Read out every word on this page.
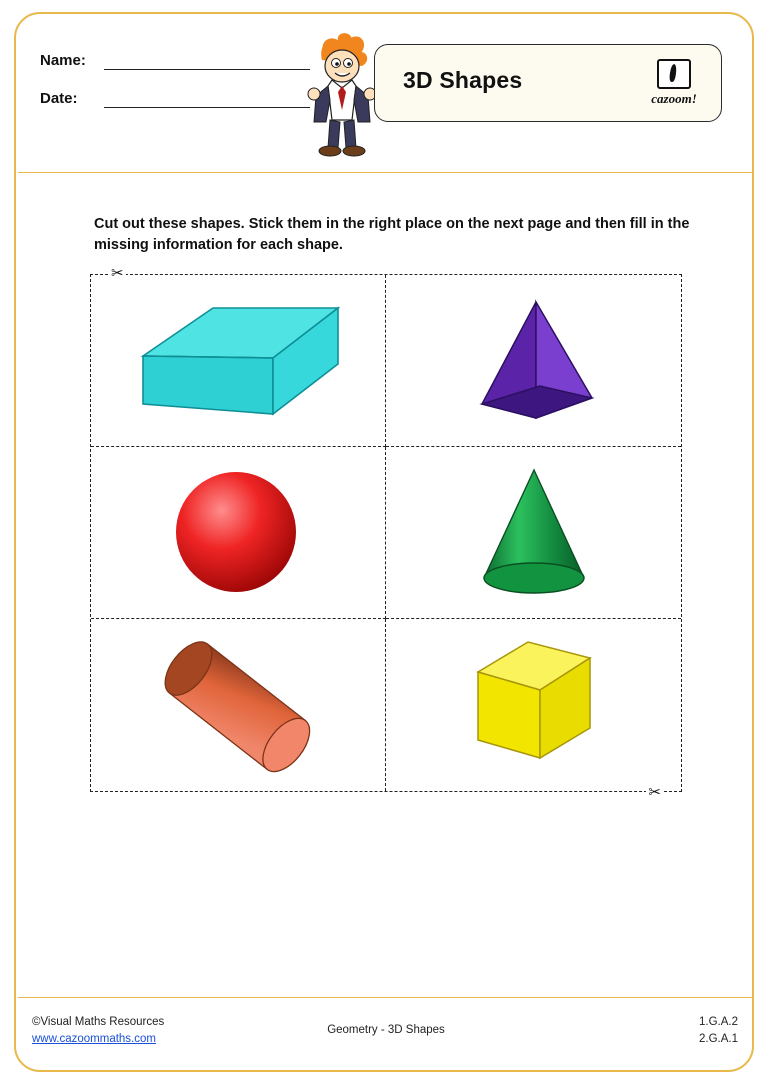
Name:
Date:
3D Shapes
cazoom!
Cut out these shapes. Stick them in the right place on the next page and then fill in the missing information for each shape.
✂
✂
©Visual Maths Resources
www.cazoommaths.com
Geometry - 3D Shapes
1.G.A.2
2.G.A.1
